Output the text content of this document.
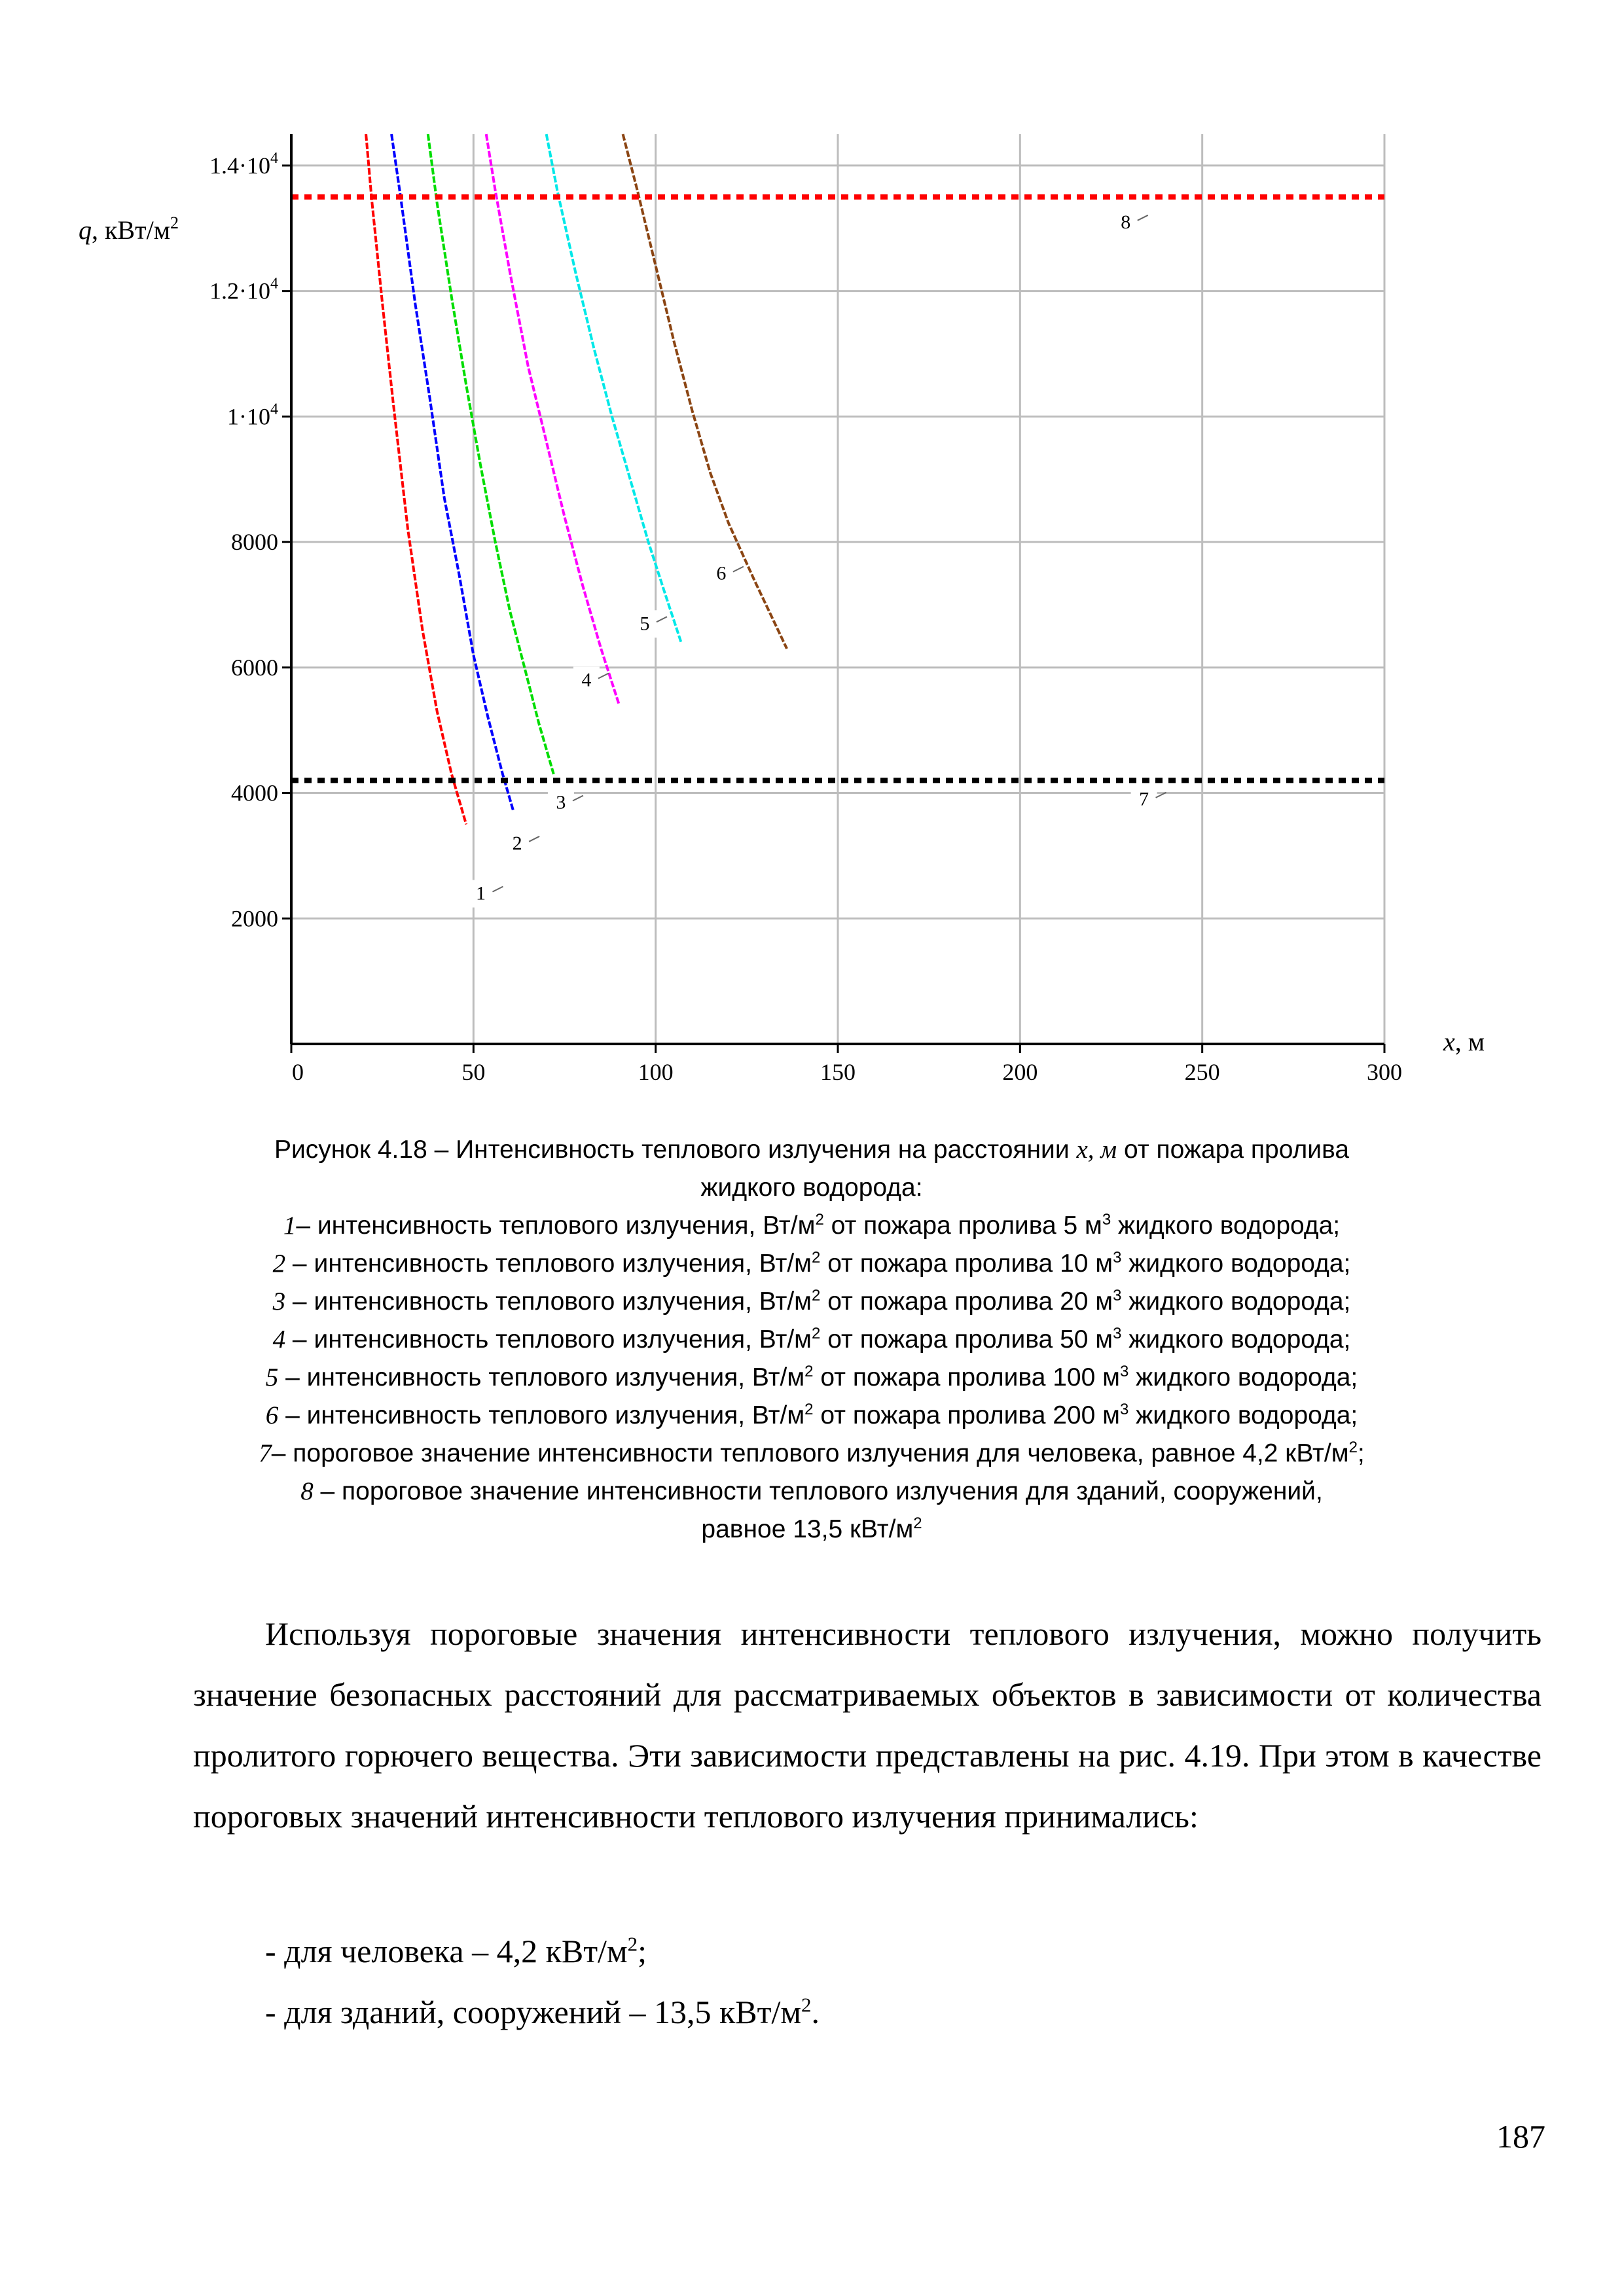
0	50	100	150	200	250	300
2000
4000
6000
8000
$1\cdot 10^4$
$1.2\cdot 10^4$
$1.4\cdot 10^4$
1
2
3
4
5
6
7
8
q, кВт/$м^2$
x, м
Рисунок 4.18 – Интенсивность теплового излучения на расстоянии x, м от пожара пролива
жидкого водорода:
1– интенсивность теплового излучения, $Вт/м^2$ от пожара пролива 5 $м^3$ жидкого водорода;
2 – интенсивность теплового излучения, $Вт/м^2$ от пожара пролива 10 $м^3$ жидкого водорода;
3 – интенсивность теплового излучения, $Вт/м^2$ от пожара пролива 20 $м^3$ жидкого водорода;
4 – интенсивность теплового излучения, $Вт/м^2$ от пожара пролива 50 $м^3$ жидкого водорода;
5 – интенсивность теплового излучения, $Вт/м^2$ от пожара пролива 100 $м^3$ жидкого водорода;
6 – интенсивность теплового излучения, $Вт/м^2$ от пожара пролива 200 $м^3$ жидкого водорода;
7– пороговое значение интенсивности теплового излучения для человека, равное 4,2 кВт/$м^2$;
8 – пороговое значение интенсивности теплового излучения для зданий, сооружений,
равное 13,5 кВт/$м^2$
Используя пороговые значения интенсивности теплового излучения, можно получить значение безопасных расстояний для рассматриваемых объектов в зависимости от количества пролитого горючего вещества. Эти зависимости представлены на рис. 4.19. При этом в качестве пороговых значений интенсивности теплового излучения принимались:
- для человека – 4,2 кВт/$м^2$;
- для зданий, сооружений – 13,5 кВт/$м^2$.
187
